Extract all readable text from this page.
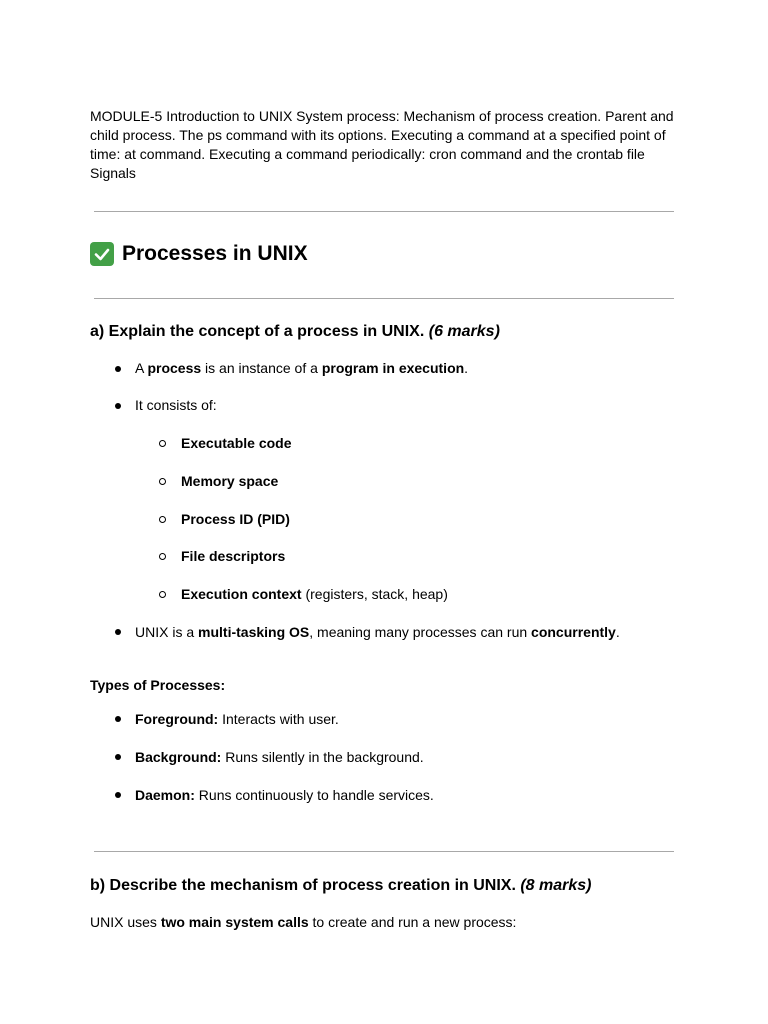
MODULE-5 Introduction to UNIX System process: Mechanism of process creation. Parent and child process. The ps command with its options. Executing a command at a specified point of time: at command. Executing a command periodically: cron command and the crontab file Signals
Processes in UNIX
a) Explain the concept of a process in UNIX. (6 marks)
A process is an instance of a program in execution.
It consists of:
Executable code
Memory space
Process ID (PID)
File descriptors
Execution context (registers, stack, heap)
UNIX is a multi-tasking OS, meaning many processes can run concurrently.
Types of Processes:
Foreground: Interacts with user.
Background: Runs silently in the background.
Daemon: Runs continuously to handle services.
b) Describe the mechanism of process creation in UNIX. (8 marks)
UNIX uses two main system calls to create and run a new process:
